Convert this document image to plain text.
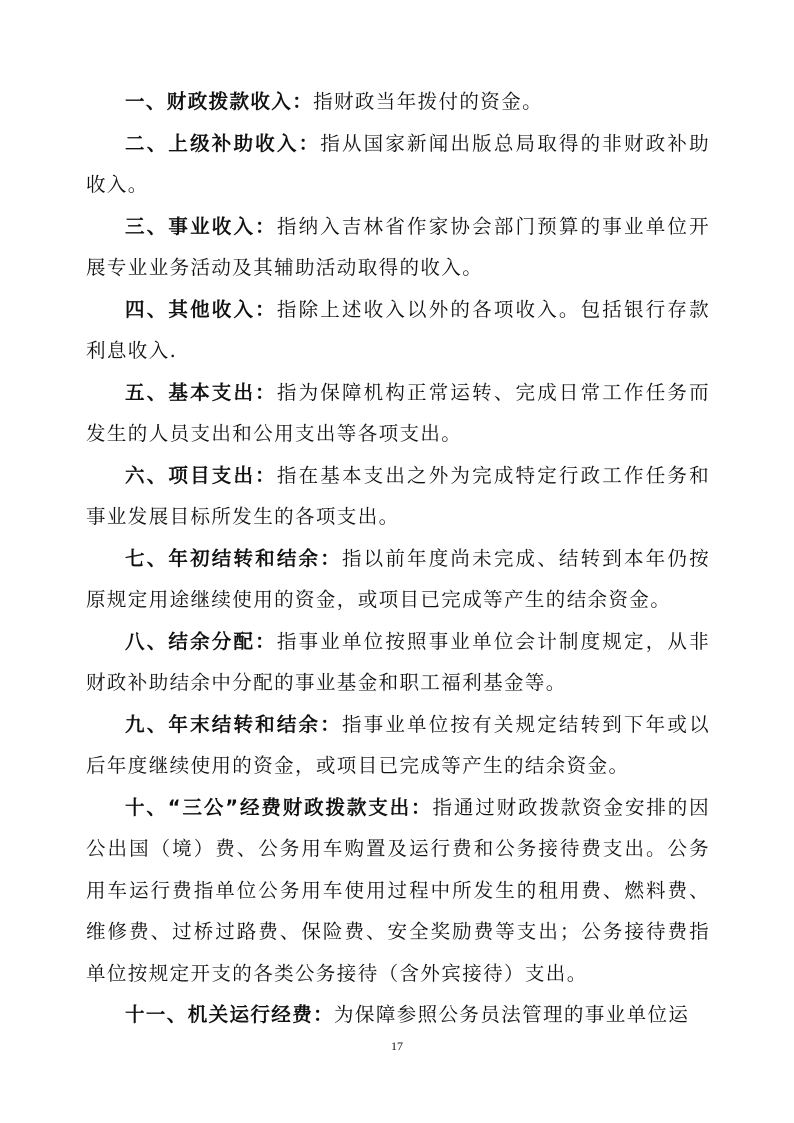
一、财政拨款收入：指财政当年拨付的资金。

二、上级补助收入：指从国家新闻出版总局取得的非财政补助收入。

三、事业收入：指纳入吉林省作家协会部门预算的事业单位开展专业业务活动及其辅助活动取得的收入。

四、其他收入：指除上述收入以外的各项收入。包括银行存款利息收入.

五、基本支出：指为保障机构正常运转、完成日常工作任务而发生的人员支出和公用支出等各项支出。

六、项目支出：指在基本支出之外为完成特定行政工作任务和事业发展目标所发生的各项支出。

七、年初结转和结余：指以前年度尚未完成、结转到本年仍按原规定用途继续使用的资金，或项目已完成等产生的结余资金。

八、结余分配：指事业单位按照事业单位会计制度规定，从非财政补助结余中分配的事业基金和职工福利基金等。

九、年末结转和结余：指事业单位按有关规定结转到下年或以后年度继续使用的资金，或项目已完成等产生的结余资金。

十、“三公”经费财政拨款支出：指通过财政拨款资金安排的因公出国（境）费、公务用车购置及运行费和公务接待费支出。公务用车运行费指单位公务用车使用过程中所发生的租用费、燃料费、维修费、过桥过路费、保险费、安全奖励费等支出；公务接待费指单位按规定开支的各类公务接待（含外宾接待）支出。

十一、机关运行经费：为保障参照公务员法管理的事业单位运

17
